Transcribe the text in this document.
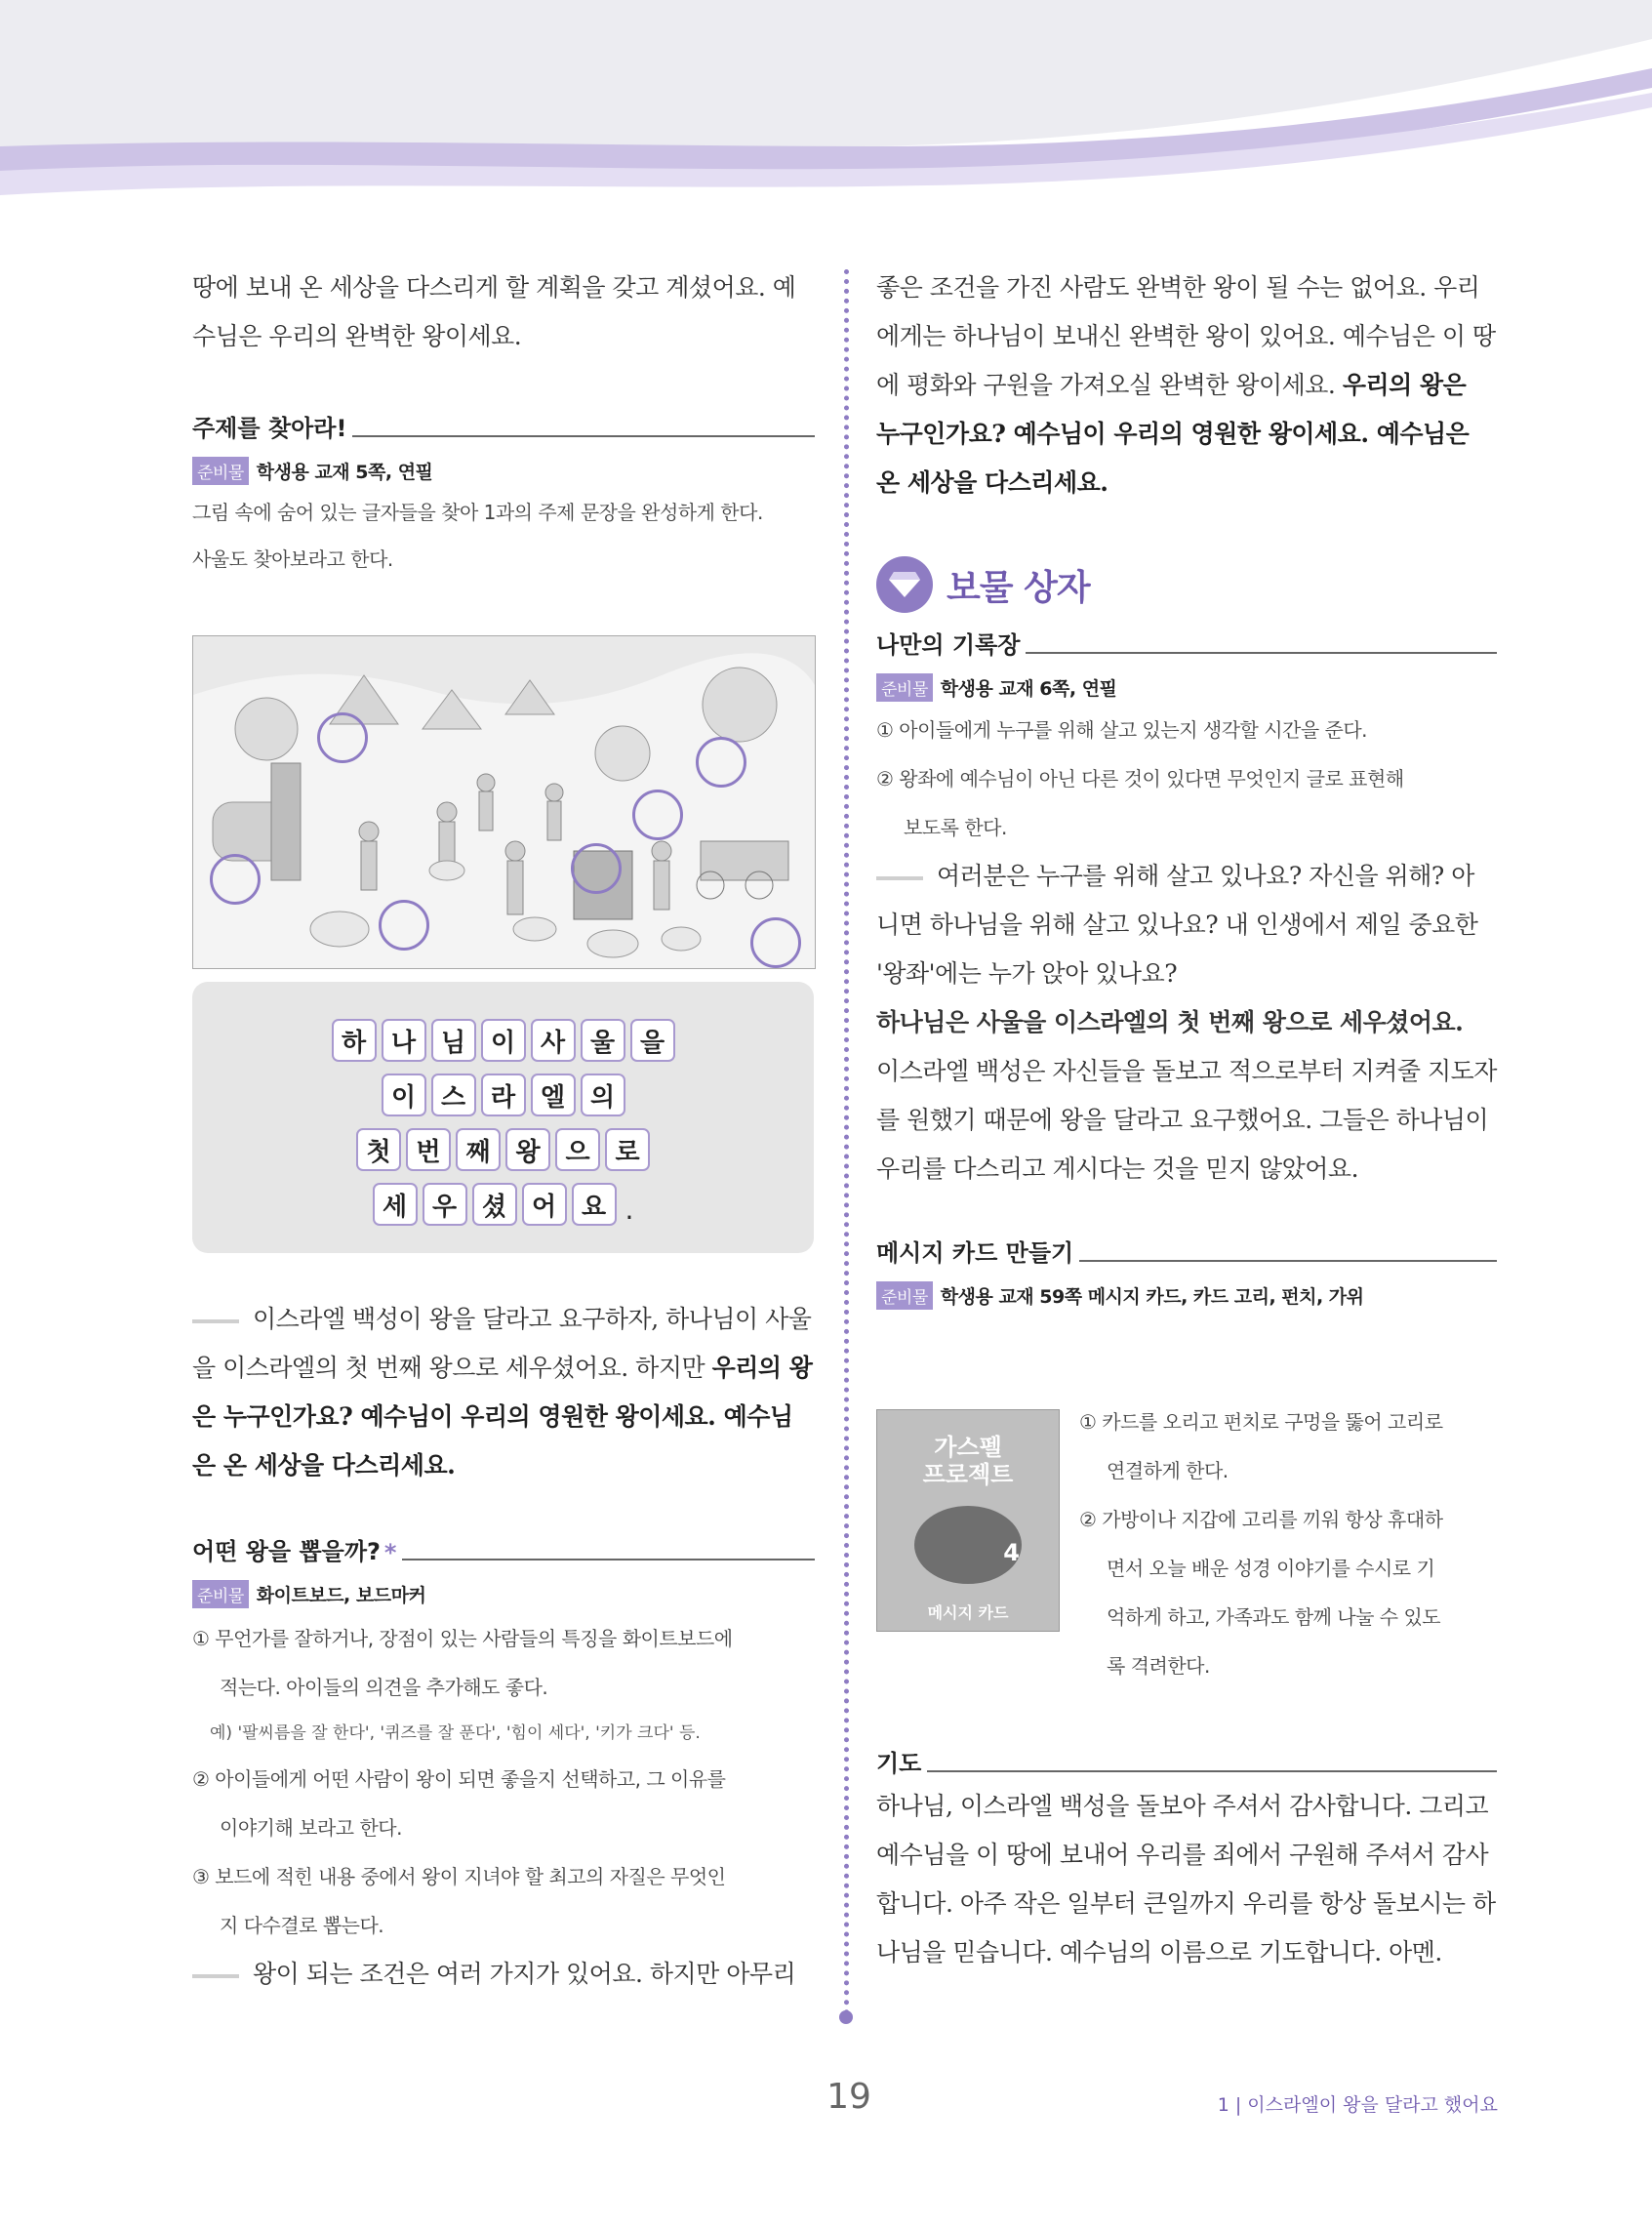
땅에 보내 온 세상을 다스리게 할 계획을 갖고 계셨어요. 예수님은 우리의 완벽한 왕이세요.

주제를 찾아라!
준비물 학생용 교재 5쪽, 연필

그림 속에 숨어 있는 글자들을 찾아 1과의 주제 문장을 완성하게 한다.

사울도 찾아보라고 한다.

하 나 님 이 사 울 을
이 스 라 엘 의
첫 번 째 왕 으 로
세 우 셨 어 요 .

이스라엘 백성이 왕을 달라고 요구하자, 하나님이 사울을 이스라엘의 첫 번째 왕으로 세우셨어요. 하지만 우리의 왕은 누구인가요? 예수님이 우리의 영원한 왕이세요. 예수님은 온 세상을 다스리세요.

어떤 왕을 뽑을까? *
준비물 화이트보드, 보드마커

① 무언가를 잘하거나, 장점이 있는 사람들의 특징을 화이트보드에

적는다. 아이들의 의견을 추가해도 좋다.

예) '팔씨름을 잘 한다', '퀴즈를 잘 푼다', '힘이 세다', '키가 크다' 등.

② 아이들에게 어떤 사람이 왕이 되면 좋을지 선택하고, 그 이유를

이야기해 보라고 한다.

③ 보드에 적힌 내용 중에서 왕이 지녀야 할 최고의 자질은 무엇인

지 다수결로 뽑는다.

왕이 되는 조건은 여러 가지가 있어요. 하지만 아무리

좋은 조건을 가진 사람도 완벽한 왕이 될 수는 없어요. 우리에게는 하나님이 보내신 완벽한 왕이 있어요. 예수님은 이 땅에 평화와 구원을 가져오실 완벽한 왕이세요. 우리의 왕은 누구인가요? 예수님이 우리의 영원한 왕이세요. 예수님은 온 세상을 다스리세요.

보물 상자
나만의 기록장
준비물 학생용 교재 6쪽, 연필

① 아이들에게 누구를 위해 살고 있는지 생각할 시간을 준다.

② 왕좌에 예수님이 아닌 다른 것이 있다면 무엇인지 글로 표현해

보도록 한다.

여러분은 누구를 위해 살고 있나요? 자신을 위해? 아니면 하나님을 위해 살고 있나요? 내 인생에서 제일 중요한 '왕좌'에는 누가 앉아 있나요?

하나님은 사울을 이스라엘의 첫 번째 왕으로 세우셨어요.

이스라엘 백성은 자신들을 돌보고 적으로부터 지켜줄 지도자를 원했기 때문에 왕을 달라고 요구했어요. 그들은 하나님이 우리를 다스리고 계시다는 것을 믿지 않았어요.

메시지 카드 만들기
준비물 학생용 교재 59쪽 메시지 카드, 카드 고리, 펀치, 가위
가스펠
프로젝트
4
메시지 카드

① 카드를 오리고 펀치로 구멍을 뚫어 고리로

연결하게 한다.

② 가방이나 지갑에 고리를 끼워 항상 휴대하

면서 오늘 배운 성경 이야기를 수시로 기

억하게 하고, 가족과도 함께 나눌 수 있도

록 격려한다.

기도

하나님, 이스라엘 백성을 돌보아 주셔서 감사합니다. 그리고 예수님을 이 땅에 보내어 우리를 죄에서 구원해 주셔서 감사합니다. 아주 작은 일부터 큰일까지 우리를 항상 돌보시는 하나님을 믿습니다. 예수님의 이름으로 기도합니다. 아멘.

19	1 | 이스라엘이 왕을 달라고 했어요
